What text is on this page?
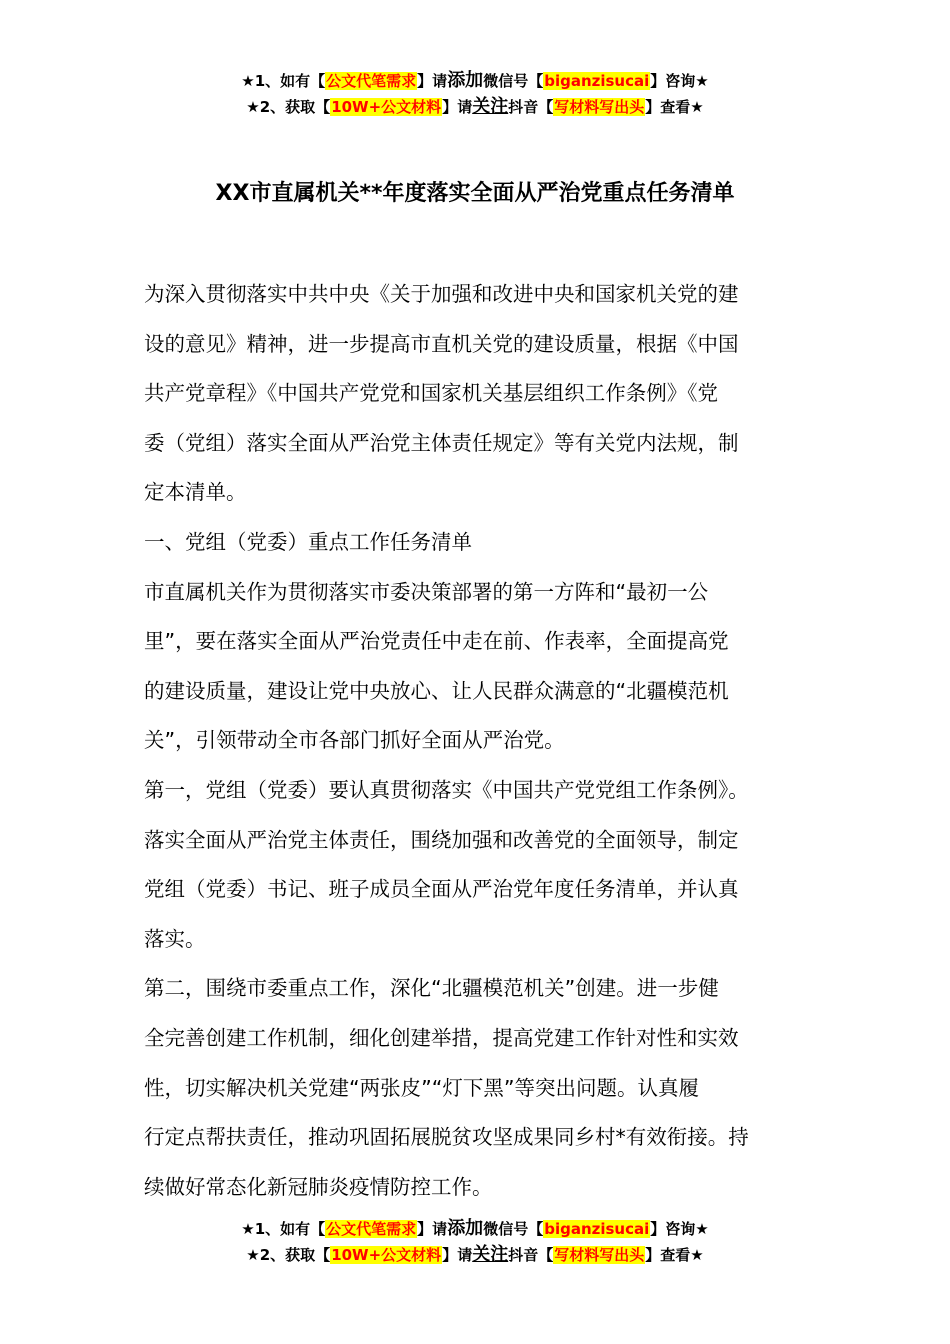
★1、如有【公文代笔需求】请添加微信号【biganzisucai】咨询★
★2、获取【10W+公文材料】请关注抖音【写材料写出头】查看★
XX市直属机关**年度落实全面从严治党重点任务清单
为深入贯彻落实中共中央《关于加强和改进中央和国家机关党的建
设的意见》精神，进一步提高市直机关党的建设质量，根据《中国
共产党章程》《中国共产党党和国家机关基层组织工作条例》《党
委（党组）落实全面从严治党主体责任规定》等有关党内法规，制
定本清单。
一、党组（党委）重点工作任务清单
市直属机关作为贯彻落实市委决策部署的第一方阵和“最初一公
里”，要在落实全面从严治党责任中走在前、作表率，全面提高党
的建设质量，建设让党中央放心、让人民群众满意的“北疆模范机
关”，引领带动全市各部门抓好全面从严治党。
第一，党组（党委）要认真贯彻落实《中国共产党党组工作条例》。
落实全面从严治党主体责任，围绕加强和改善党的全面领导，制定
党组（党委）书记、班子成员全面从严治党年度任务清单，并认真
落实。
第二，围绕市委重点工作，深化“北疆模范机关”创建。进一步健
全完善创建工作机制，细化创建举措，提高党建工作针对性和实效
性，切实解决机关党建“两张皮”“灯下黑”等突出问题。认真履
行定点帮扶责任，推动巩固拓展脱贫攻坚成果同乡村*有效衔接。持
续做好常态化新冠肺炎疫情防控工作。
★1、如有【公文代笔需求】请添加微信号【biganzisucai】咨询★
★2、获取【10W+公文材料】请关注抖音【写材料写出头】查看★
